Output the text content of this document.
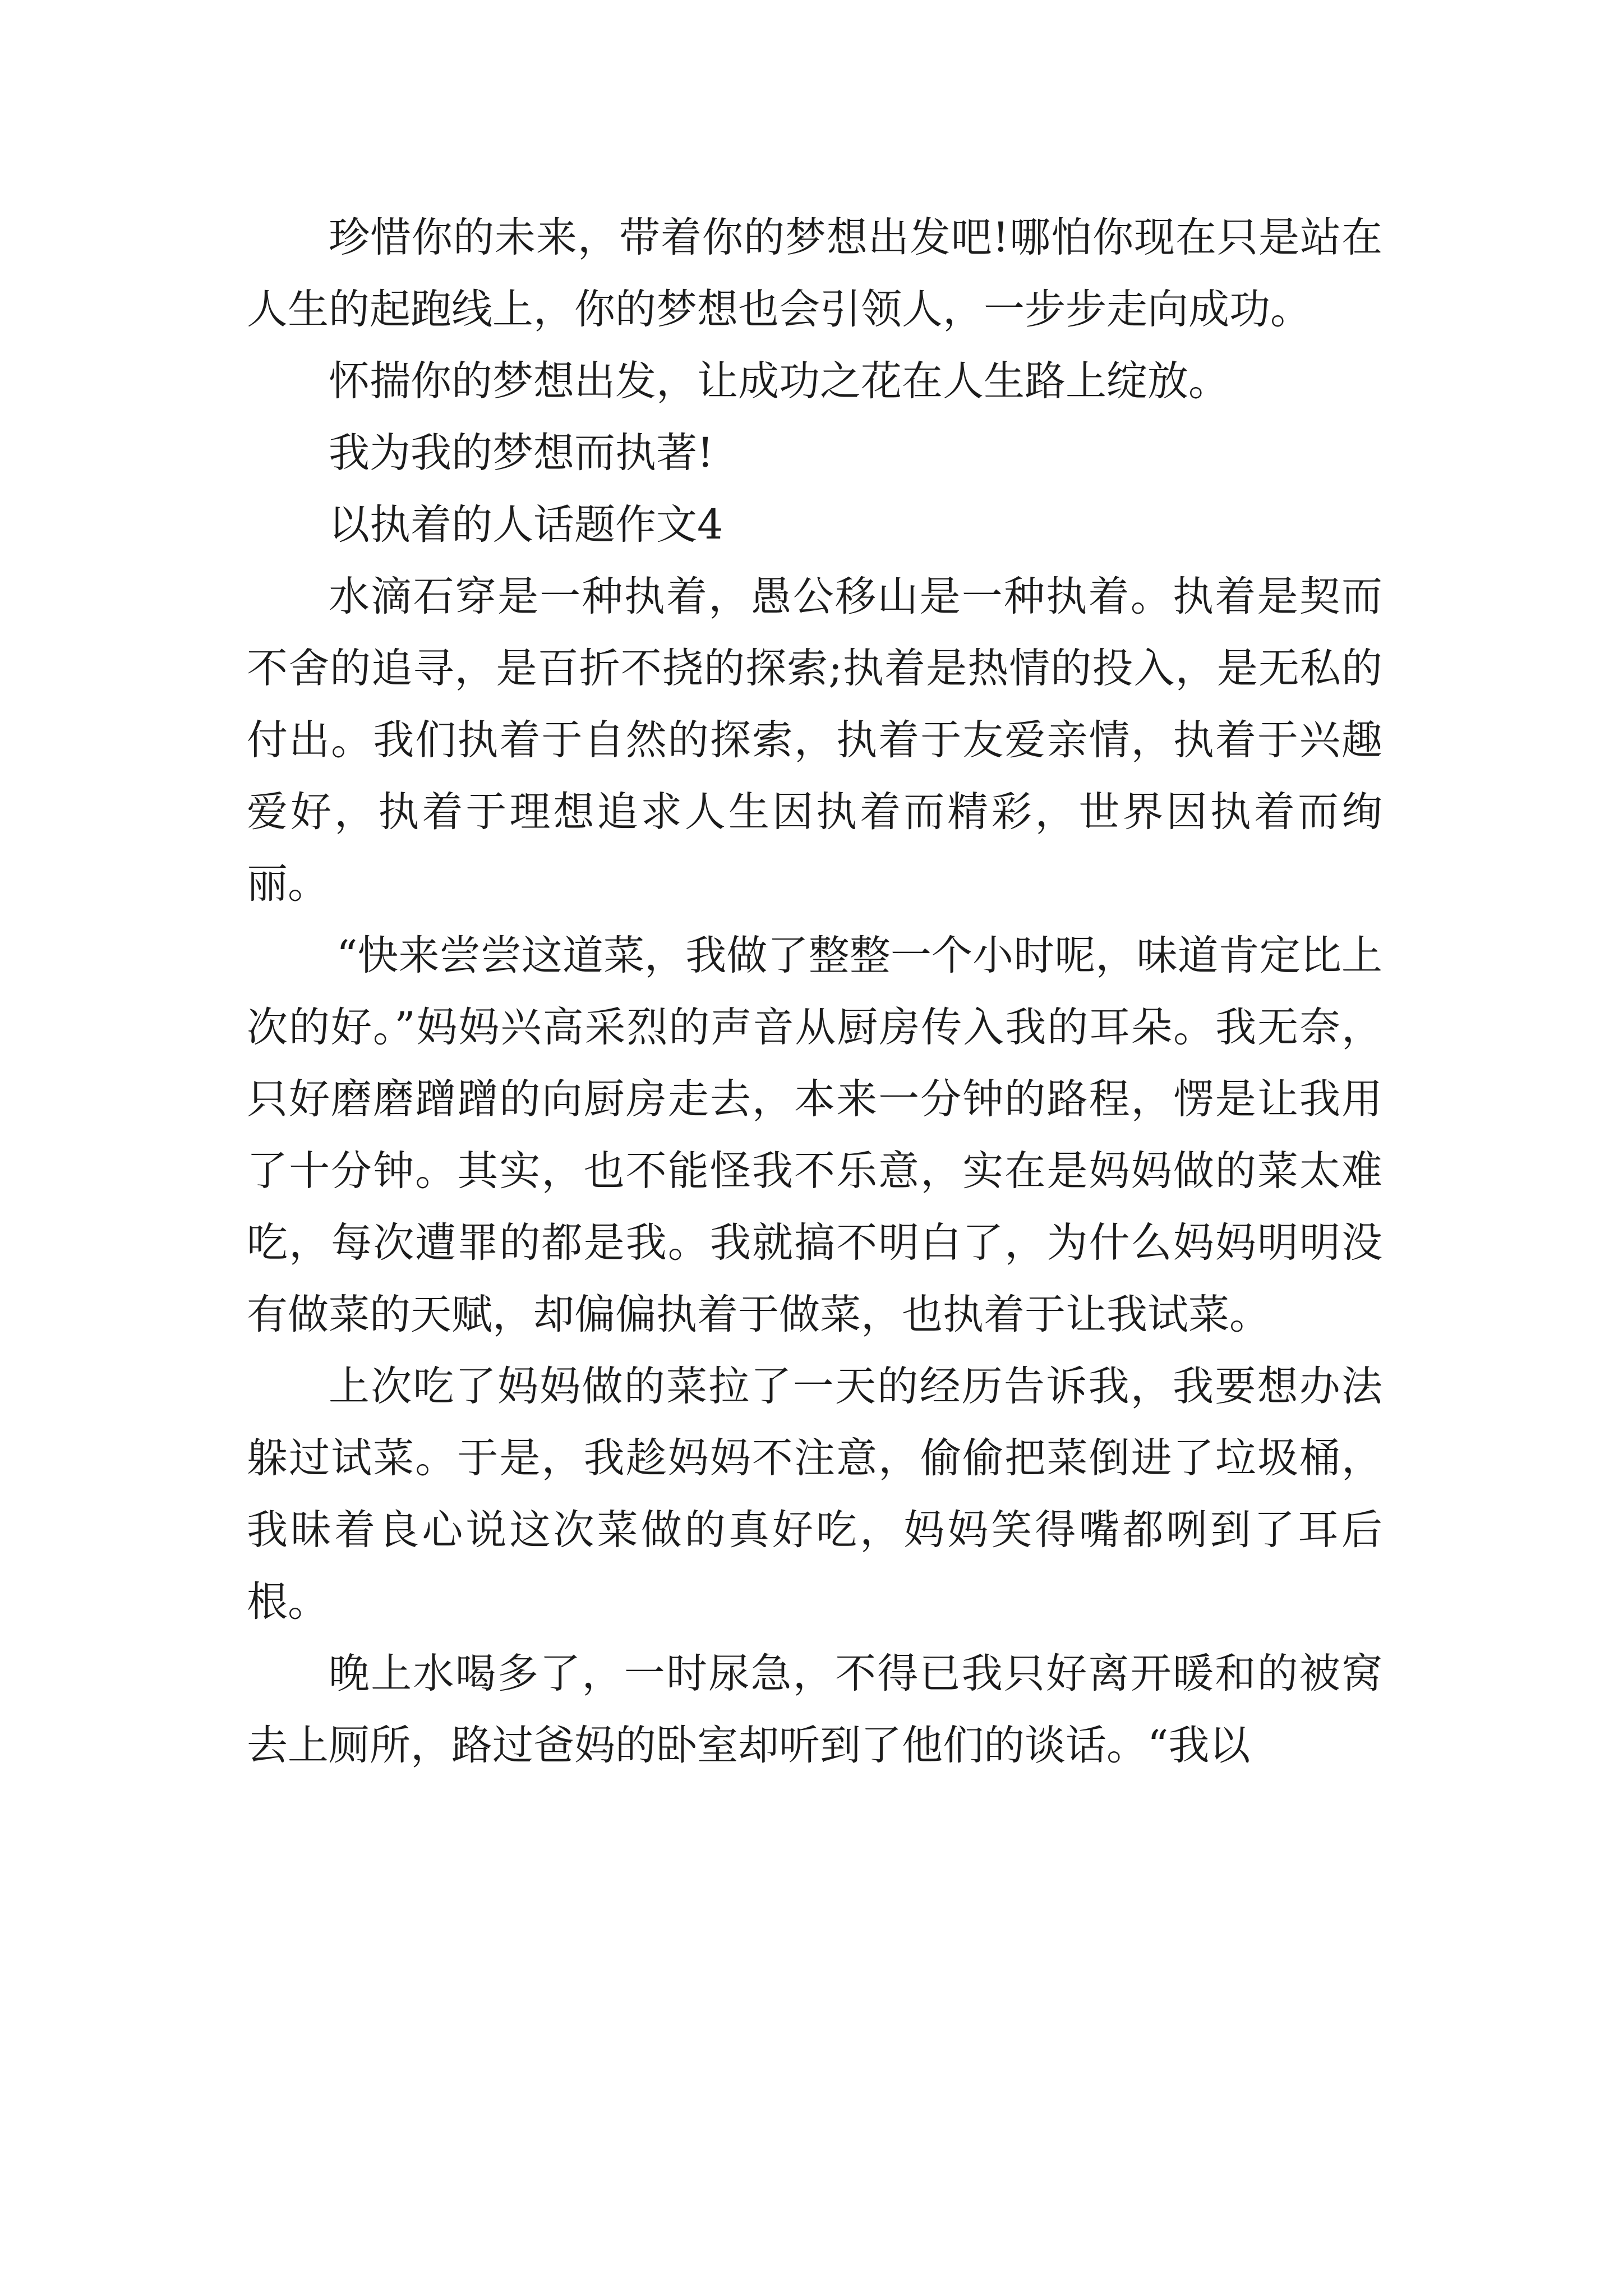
珍惜你的未来，带着你的梦想出发吧!哪怕你现在只是站在人生的起跑线上，你的梦想也会引领人，一步步走向成功。

怀揣你的梦想出发，让成功之花在人生路上绽放。

我为我的梦想而执著!

以执着的人话题作文4

水滴石穿是一种执着，愚公移山是一种执着。执着是契而不舍的追寻，是百折不挠的探索;执着是热情的投入，是无私的付出。我们执着于自然的探索，执着于友爱亲情，执着于兴趣爱好，执着于理想追求人生因执着而精彩，世界因执着而绚丽。

“快来尝尝这道菜，我做了整整一个小时呢，味道肯定比上次的好。”妈妈兴高采烈的声音从厨房传入我的耳朵。我无奈，只好磨磨蹭蹭的向厨房走去，本来一分钟的路程，愣是让我用了十分钟。其实，也不能怪我不乐意，实在是妈妈做的菜太难吃，每次遭罪的都是我。我就搞不明白了，为什么妈妈明明没有做菜的天赋，却偏偏执着于做菜，也执着于让我试菜。

上次吃了妈妈做的菜拉了一天的经历告诉我，我要想办法躲过试菜。于是，我趁妈妈不注意，偷偷把菜倒进了垃圾桶，我昧着良心说这次菜做的真好吃，妈妈笑得嘴都咧到了耳后根。

晚上水喝多了，一时尿急，不得已我只好离开暖和的被窝去上厕所，路过爸妈的卧室却听到了他们的谈话。“我以
